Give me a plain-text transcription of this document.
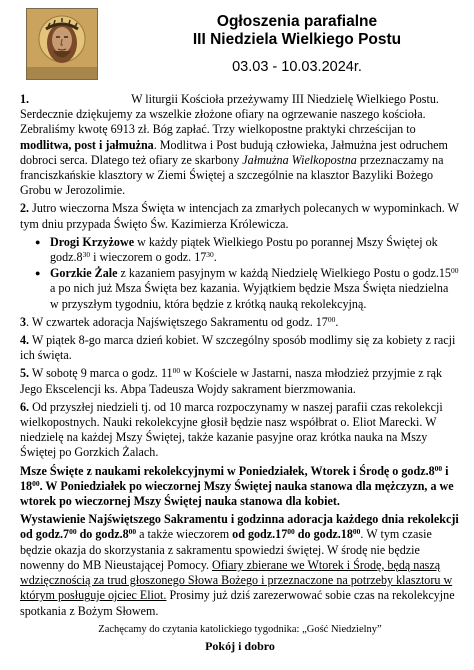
Ogłoszenia parafialne
III Niedziela Wielkiego Postu
03.03 - 10.03.2024r.

1.	W liturgii Kościoła przeżywamy III Niedzielę Wielkiego Postu. Serdecznie dziękujemy za wszelkie złożone ofiary na ogrzewanie naszego kościoła. Zebraliśmy kwotę 6913 zł. Bóg zapłać. Trzy wielkopostne praktyki chrześcijan to modlitwa, post i jałmużna. Modlitwa i Post budują człowieka, Jałmużna jest odruchem dobroci serca. Dlatego też ofiary ze skarbony Jałmużna Wielkopostna przeznaczamy na franciszkańskie klasztory w Ziemi Świętej a szczególnie na klasztor Bazyliki Bożego Grobu w Jerozolimie.

2. Jutro wieczorna Msza Święta w intencjach za zmarłych polecanych w wypominkach. W tym dniu przypada Święto Św. Kazimierza Królewicza.

● Drogi Krzyżowe w każdy piątek Wielkiego Postu po porannej Mszy Świętej ok $godz.8^{30}$ i wieczorem o godz. $17^{30}$.
● Gorzkie Żale z kazaniem pasyjnym w każdą Niedzielę Wielkiego Postu o $godz.15^{00}$ a po nich już Msza Święta bez kazania. Wyjątkiem będzie Msza Święta niedzielna w przyszłym tygodniu, która będzie z krótką nauką rekolekcyjną.

3. W czwartek adoracja Najświętszego Sakramentu od godz. $17^{00}$.

4. W piątek 8-go marca dzień kobiet. W szczególny sposób modlimy się za kobiety z racji ich święta.

5. W sobotę 9 marca o godz. $11^{00}$ w Kościele w Jastarni, nasza młodzież przyjmie z rąk Jego Ekscelencji ks. Abpa Tadeusza Wojdy sakrament bierzmowania.

6. Od przyszłej niedzieli tj. od 10 marca rozpoczynamy w naszej parafii czas rekolekcji wielkopostnych. Nauki rekolekcyjne głosił będzie nasz współbrat o. Eliot Marecki. W niedzielę na każdej Mszy Świętej, także kazanie pasyjne oraz krótka nauka na Mszy Świętej po Gorzkich Żalach.

Msze Święte z naukami rekolekcyjnymi w Poniedziałek, Wtorek i Środę o $godz.8^{00}$ i $18^{00}$. W Poniedziałek po wieczornej Mszy Świętej nauka stanowa dla mężczyzn, a we wtorek po wieczornej Mszy Świętej nauka stanowa dla kobiet.

Wystawienie Najświętszego Sakramentu i godzinna adoracja każdego dnia rekolekcji od $godz.7^{00}$ do $godz.8^{00}$ a także wieczorem od $godz.17^{00}$ do $godz.18^{00}$. W tym czasie będzie okazja do skorzystania z sakramentu spowiedzi świętej. W środę nie będzie nowenny do MB Nieustającej Pomocy. Ofiary zbierane we Wtorek i Środę, będą naszą wdzięcznością za trud głoszonego Słowa Bożego i przeznaczone na potrzeby klasztoru w którym posługuje ojciec Eliot. Prosimy już dziś zarezerwować sobie czas na rekolekcyjne spotkania z Bożym Słowem.

Zachęcamy do czytania katolickiego tygodnika: „Gość Niedzielny”

Pokój i dobro
